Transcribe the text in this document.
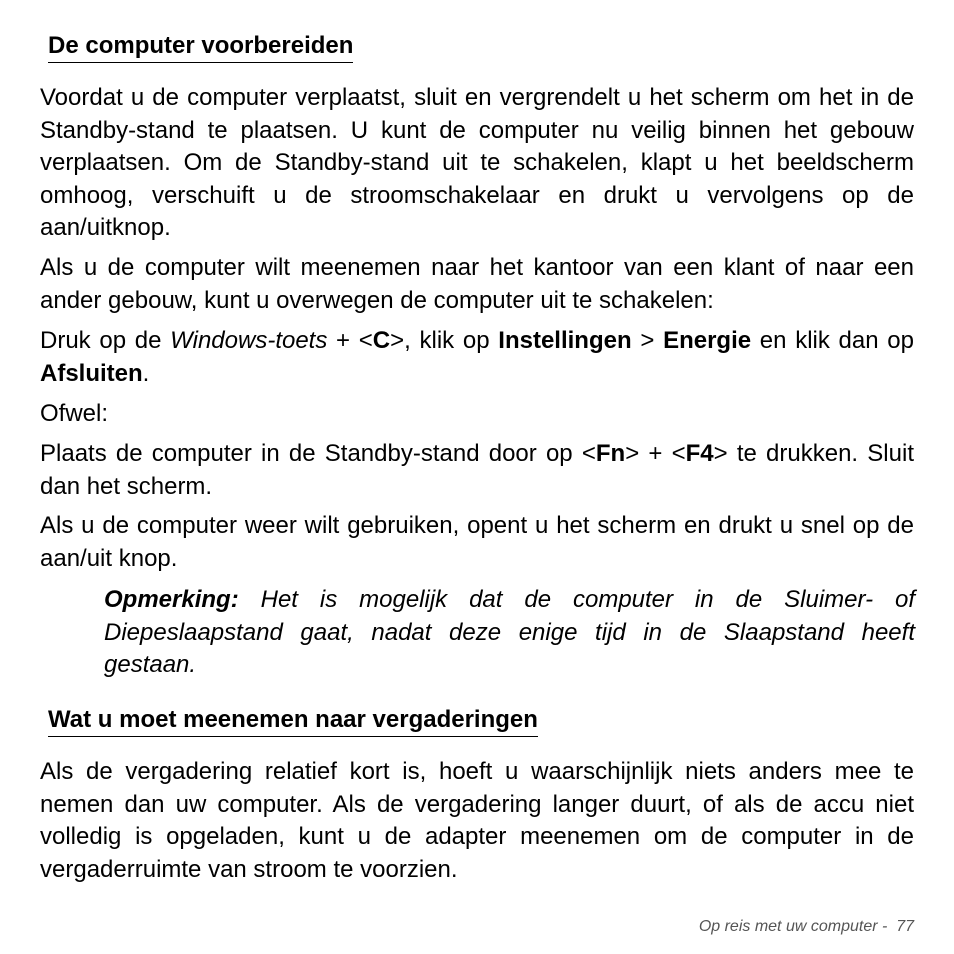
De computer voorbereiden

Voordat u de computer verplaatst, sluit en vergrendelt u het scherm om het in de Standby-stand te plaatsen. U kunt de computer nu veilig binnen het gebouw verplaatsen. Om de Standby-stand uit te schakelen, klapt u het beeldscherm omhoog, verschuift u de stroomschakelaar en drukt u vervolgens op de aan/uitknop.

Als u de computer wilt meenemen naar het kantoor van een klant of naar een ander gebouw, kunt u overwegen de computer uit te schakelen:

Druk op de Windows-toets + <C>, klik op Instellingen > Energie en klik dan op Afsluiten.

Ofwel:

Plaats de computer in de Standby-stand door op <Fn> + <F4> te drukken. Sluit dan het scherm.

Als u de computer weer wilt gebruiken, opent u het scherm en drukt u snel op de aan/uit knop.

Opmerking: Het is mogelijk dat de computer in de Sluimer- of Diepeslaapstand gaat, nadat deze enige tijd in de Slaapstand heeft gestaan.

Wat u moet meenemen naar vergaderingen

Als de vergadering relatief kort is, hoeft u waarschijnlijk niets anders mee te nemen dan uw computer. Als de vergadering langer duurt, of als de accu niet volledig is opgeladen, kunt u de adapter meenemen om de computer in de vergaderruimte van stroom te voorzien.

Op reis met uw computer -  77
